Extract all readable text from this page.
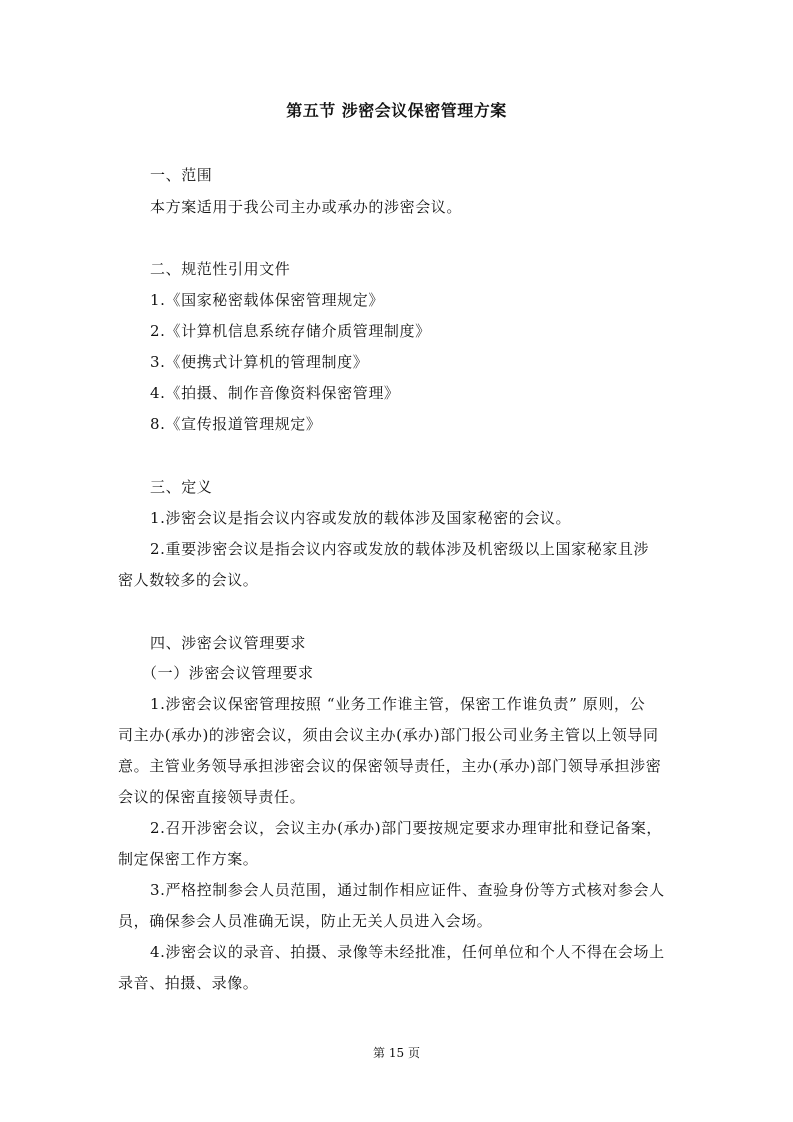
第五节 涉密会议保密管理方案
一、范围
本方案适用于我公司主办或承办的涉密会议。
二、规范性引用文件
1.《国家秘密载体保密管理规定》
2.《计算机信息系统存储介质管理制度》
3.《便携式计算机的管理制度》
4.《拍摄、制作音像资料保密管理》
8.《宣传报道管理规定》
三、定义
1.涉密会议是指会议内容或发放的载体涉及国家秘密的会议。
2.重要涉密会议是指会议内容或发放的载体涉及机密级以上国家秘家且涉
密人数较多的会议。
四、涉密会议管理要求
（一）涉密会议管理要求
1.涉密会议保密管理按照 “业务工作谁主管，保密工作谁负责” 原则，公
司主办(承办)的涉密会议，须由会议主办(承办)部门报公司业务主管以上领导同
意。主管业务领导承担涉密会议的保密领导责任，主办(承办)部门领导承担涉密
会议的保密直接领导责任。
2.召开涉密会议，会议主办(承办)部门要按规定要求办理审批和登记备案，
制定保密工作方案。
3.严格控制参会人员范围，通过制作相应证件、查验身份等方式核对参会人
员，确保参会人员准确无误，防止无关人员进入会场。
4.涉密会议的录音、拍摄、录像等未经批准，任何单位和个人不得在会场上
录音、拍摄、录像。
第 15 页
